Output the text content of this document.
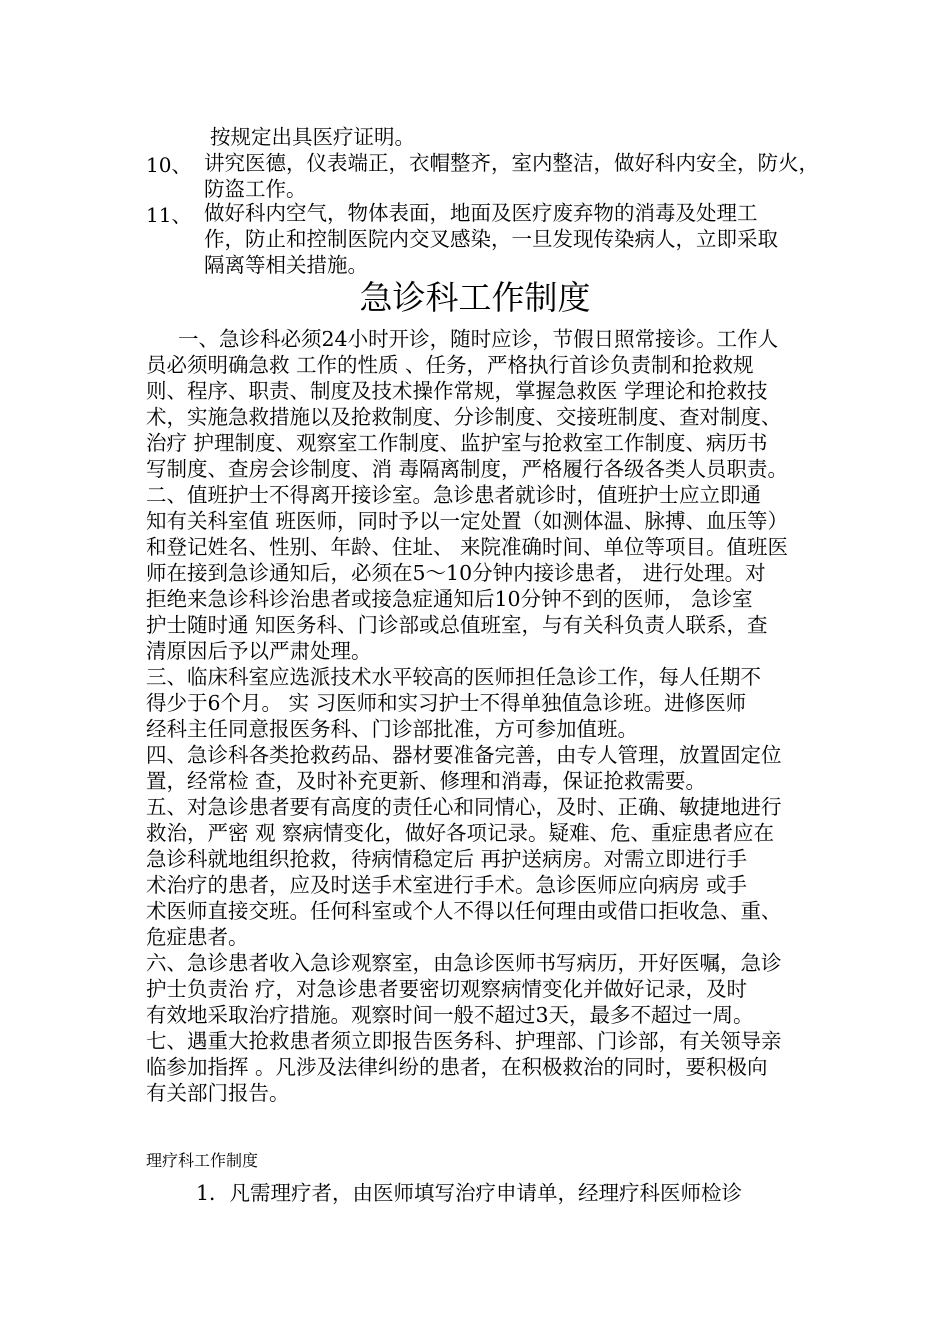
按规定出具医疗证明。
10、 讲究医德，仪表端正，衣帽整齐，室内整洁，做好科内安全，防火，
防盗工作。
11、 做好科内空气，物体表面，地面及医疗废弃物的消毒及处理工
作，防止和控制医院内交叉感染，一旦发现传染病人，立即采取
隔离等相关措施。
急诊科工作制度
一、急诊科必须24小时开诊，随时应诊，节假日照常接诊。工作人
员必须明确急救 工作的性质 、任务，严格执行首诊负责制和抢救规
则、程序、职责、制度及技术操作常规，掌握急救医 学理论和抢救技
术，实施急救措施以及抢救制度、分诊制度、交接班制度、查对制度、
治疗 护理制度、观察室工作制度、监护室与抢救室工作制度、病历书
写制度、查房会诊制度、消 毒隔离制度，严格履行各级各类人员职责。
二、值班护士不得离开接诊室。急诊患者就诊时，值班护士应立即通
知有关科室值 班医师，同时予以一定处置（如测体温、脉搏、血压等）
和登记姓名、性别、年龄、住址、 来院准确时间、单位等项目。值班医
师在接到急诊通知后，必须在5～10分钟内接诊患者， 进行处理。对
拒绝来急诊科诊治患者或接急症通知后10分钟不到的医师， 急诊室
护士随时通 知医务科、门诊部或总值班室，与有关科负责人联系，查
清原因后予以严肃处理。
三、临床科室应选派技术水平较高的医师担任急诊工作，每人任期不
得少于6个月。 实 习医师和实习护士不得单独值急诊班。进修医师
经科主任同意报医务科、门诊部批准，方可参加值班。
四、急诊科各类抢救药品、器材要准备完善，由专人管理，放置固定位
置，经常检 查，及时补充更新、修理和消毒，保证抢救需要。
五、对急诊患者要有高度的责任心和同情心，及时、正确、敏捷地进行
救治，严密 观 察病情变化，做好各项记录。疑难、危、重症患者应在
急诊科就地组织抢救，待病情稳定后 再护送病房。对需立即进行手
术治疗的患者，应及时送手术室进行手术。急诊医师应向病房 或手
术医师直接交班。任何科室或个人不得以任何理由或借口拒收急、重、
危症患者。
六、急诊患者收入急诊观察室，由急诊医师书写病历，开好医嘱，急诊
护士负责治 疗，对急诊患者要密切观察病情变化并做好记录，及时
有效地采取治疗措施。观察时间一般不超过3天，最多不超过一周。
七、遇重大抢救患者须立即报告医务科、护理部、门诊部，有关领导亲
临参加指挥 。凡涉及法律纠纷的患者，在积极救治的同时，要积极向
有关部门报告。
理疗科工作制度
1．凡需理疗者，由医师填写治疗申请单，经理疗科医师检诊
